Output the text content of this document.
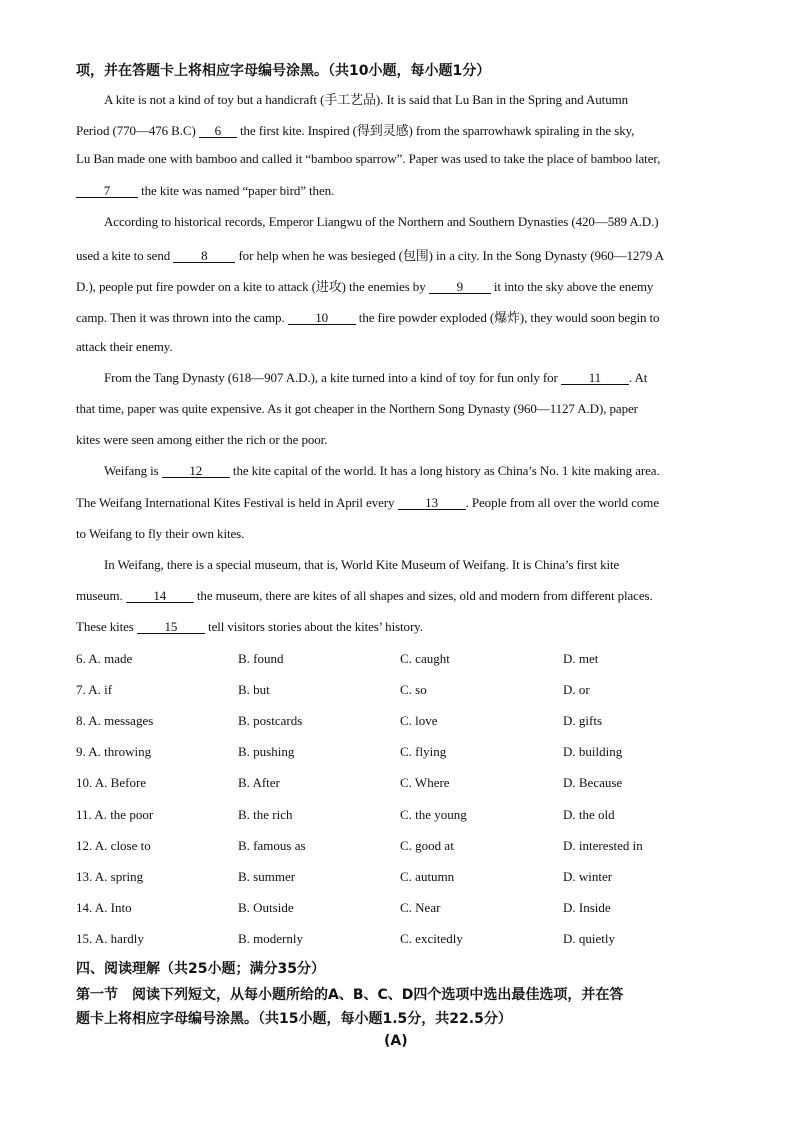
项，并在答题卡上将相应字母编号涂黑。（共10小题，每小题1分）
A kite is not a kind of toy but a handicraft (手工艺品). It is said that Lu Ban in the Spring and Autumn
Period (770—476 B.C) 6 the first kite. Inspired (得到灵感) from the sparrowhawk spiraling in the sky,
Lu Ban made one with bamboo and called it “bamboo sparrow”. Paper was used to take the place of bamboo later,
7 the kite was named “paper bird” then.
According to historical records, Emperor Liangwu of the Northern and Southern Dynasties (420—589 A.D.)
used a kite to send 8 for help when he was besieged (包围) in a city. In the Song Dynasty (960—1279 A
D.), people put fire powder on a kite to attack (进攻) the enemies by 9 it into the sky above the enemy
camp. Then it was thrown into the camp. 10 the fire powder exploded (爆炸), they would soon begin to
attack their enemy.
From the Tang Dynasty (618—907 A.D.), a kite turned into a kind of toy for fun only for 11 . At
that time, paper was quite expensive. As it got cheaper in the Northern Song Dynasty (960—1127 A.D), paper
kites were seen among either the rich or the poor.
Weifang is 12 the kite capital of the world. It has a long history as China’s No. 1 kite making area.
The Weifang International Kites Festival is held in April every 13 . People from all over the world come
to Weifang to fly their own kites.
In Weifang, there is a special museum, that is, World Kite Museum of Weifang. It is China’s first kite
museum. 14 the museum, there are kites of all shapes and sizes, old and modern from different places.
These kites 15 tell visitors stories about the kites’ history.
6. A. made	B. found	C. caught	D. met
7. A. if	B. but	C. so	D. or
8. A. messages	B. postcards	C. love	D. gifts
9. A. throwing	B. pushing	C. flying	D. building
10. A. Before	B. After	C. Where	D. Because
11. A. the poor	B. the rich	C. the young	D. the old
12. A. close to	B. famous as	C. good at	D. interested in
13. A. spring	B. summer	C. autumn	D. winter
14. A. Into	B. Outside	C. Near	D. Inside
15. A. hardly	B. modernly	C. excitedly	D. quietly
四、阅读理解（共25小题；满分35分）
第一节　阅读下列短文，从每小题所给的A、B、C、D四个选项中选出最佳选项，并在答
题卡上将相应字母编号涂黑。（共15小题，每小题1.5分，共22.5分）
(A)
